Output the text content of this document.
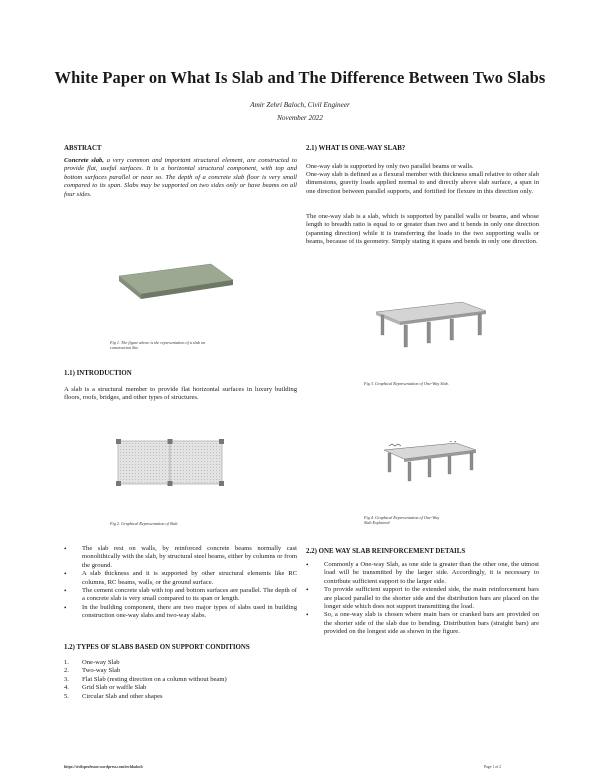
White Paper on What Is Slab and The Difference Between Two Slabs
Amir Zehri Baloch, Civil Engineer
November 2022
ABSTRACT
Concrete slab, a very common and important structural element, are constructed to provide flat, useful surfaces. It is a horizontal structural component, with top and bottom surfaces parallel or near so. The depth of a concrete slab floor is very small compared to its span. Slabs may be supported on two sides only or have beams on all four sides.
Fig 1. The figure above is the representation of a slab on construction Site
1.1) INTRODUCTION
A slab is a structural member to provide flat horizontal surfaces in luxury building floors, roofs, bridges, and other types of structures.
Fig 2. Graphical Representation of Slab.
• The slab rest on walls, by reinforced concrete beams normally cast monolithically with the slab, by structural steel beams, either by columns or from the ground.
• A slab thickness and it is supported by other structural elements like RC columns, RC beams, walls, or the ground surface.
• The cement concrete slab with top and bottom surfaces are parallel. The depth of a concrete slab is very small compared to its span or length.
• In the building component, there are two major types of slabs used in building construction one-way slabs and two-way slabs.
1.2) TYPES OF SLABS BASED ON SUPPORT CONDITIONS
1. One-way Slab
2. Two-way Slab
3. Flat Slab (resting direction on a column without beam)
4. Grid Slab or waffle Slab
5. Circular Slab and other shapes
2.1) WHAT IS ONE-WAY SLAB?
One-way slab is supported by only two parallel beams or walls.
One-way slab is defined as a flexural member with thickness small relative to other slab dimensions, gravity loads applied normal to and directly above slab surface, a span in one direction between parallel supports, and fortified for flexure in this direction only.
The one-way slab is a slab, which is supported by parallel walls or beams, and whose length to breadth ratio is equal to or greater than two and it bends in only one direction (spanning direction) while it is transferring the loads to the two supporting walls or beams, because of its geometry. Simply stating it spans and bends in only one direction.
Fig 3. Graphical Representation of One-Way Slab.
Fig 4. Graphical Representation of One-Way Slab Explained
2.2) ONE WAY SLAB REINFORCEMENT DETAILS
• Commonly a One-way Slab, as one side is greater than the other one, the utmost load will be transmitted by the larger side. Accordingly, it is necessary to contribute sufficient support to the larger side.
• To provide sufficient support to the extended side, the main reinforcement bars are placed parallel to the shorter side and the distribution bars are placed on the longer side which does not support transmitting the load.
• So, a one-way slab is chosen where main bars or cranked bars are provided on the shorter side of the slab due to bending. Distribution bars (straight bars) are provided on the longest side as shown in the figure.
https://civilsprofessor.wordpress.com/techbaloch	Page 1 of 2
